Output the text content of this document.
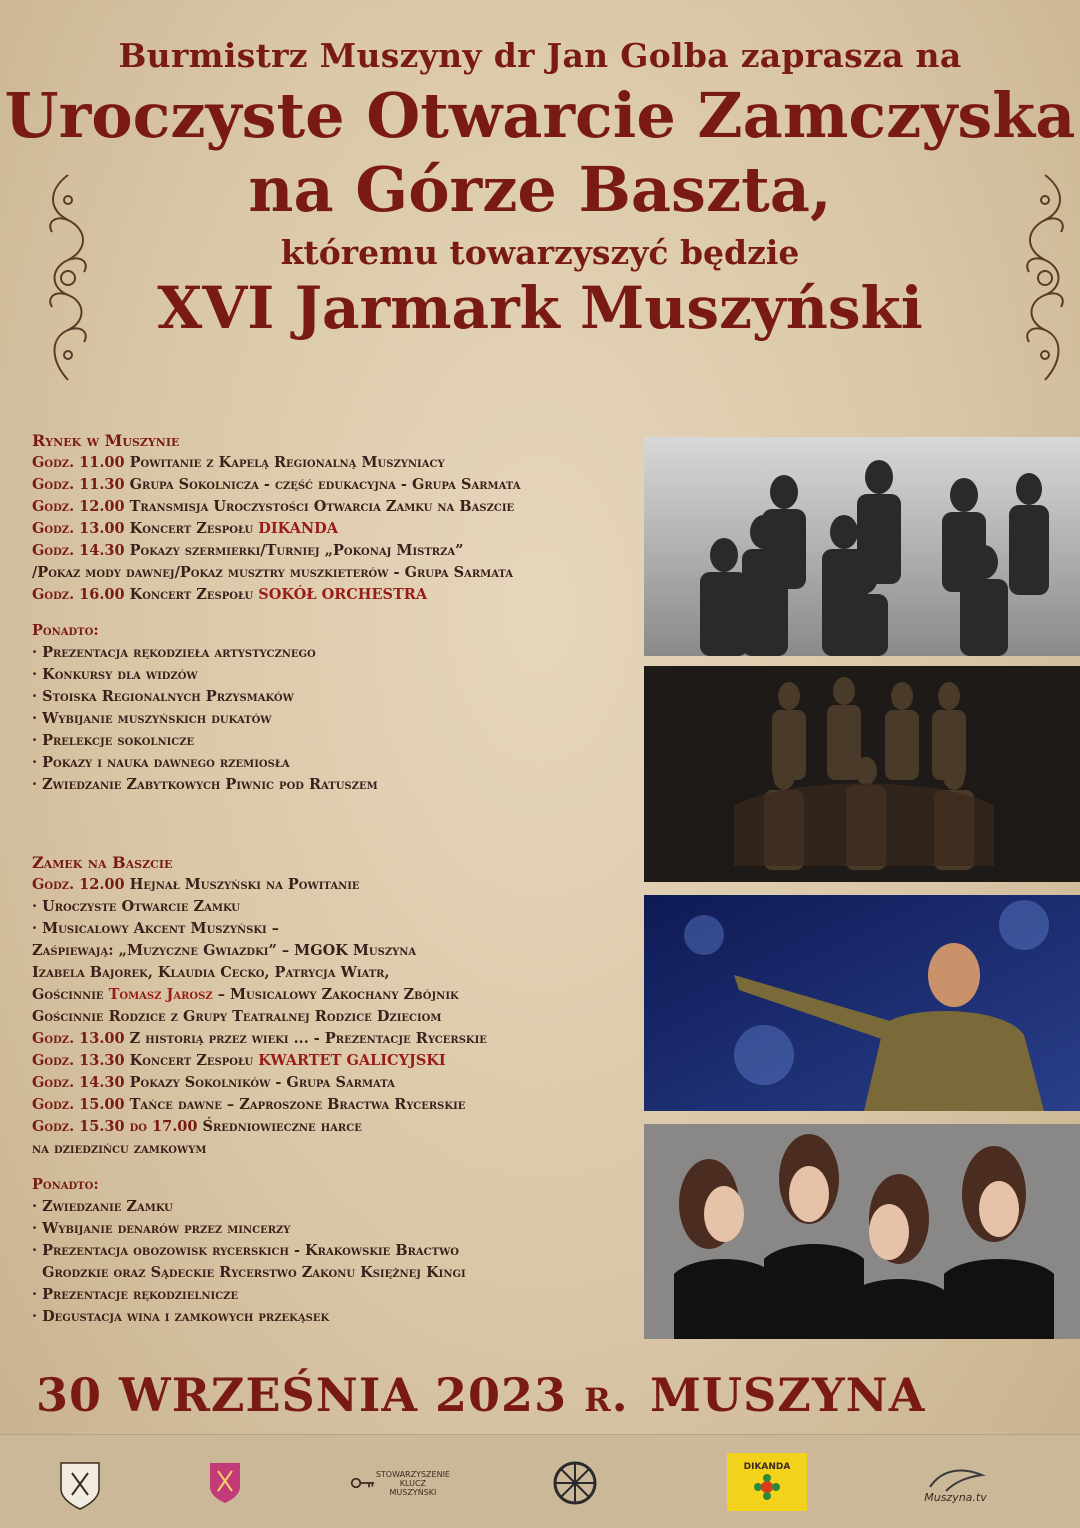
Burmistrz Muszyny dr Jan Golba zaprasza na
Uroczyste Otwarcie Zamczyska
na Górze Baszta,
któremu towarzyszyć będzie
XVI Jarmark Muszyński
Rynek w Muszynie
Godz. 11.00 Powitanie z Kapelą Regionalną Muszyniacy
Godz. 11.30 Grupa Sokolnicza - część edukacyjna - Grupa Sarmata
Godz. 12.00 Transmisja Uroczystości Otwarcia Zamku na Baszcie
Godz. 13.00 Koncert Zespołu DIKANDA
Godz. 14.30 Pokazy szermierki/Turniej „Pokonaj Mistrza”
/Pokaz mody dawnej/Pokaz musztry muszkieterów - Grupa Sarmata
Godz. 16.00 Koncert Zespołu SOKÓŁ ORCHESTRA
Ponadto:
· Prezentacja rękodzieła artystycznego
· Konkursy dla widzów
· Stoiska Regionalnych Przysmaków
· Wybijanie muszyńskich dukatów
· Prelekcje sokolnicze
· Pokazy i nauka dawnego rzemiosła
· Zwiedzanie Zabytkowych Piwnic pod Ratuszem
Zamek na Baszcie
Godz. 12.00 Hejnał Muszyński na Powitanie
· Uroczyste Otwarcie Zamku
· Musicalowy Akcent Muszyński –
Zaśpiewają: „Muzyczne Gwiazdki” – MGOK Muszyna
Izabela Bajorek, Klaudia Cecko, Patrycja Wiatr,
Gościnnie Tomasz Jarosz – Musicalowy Zakochany Zbójnik
Gościnnie Rodzice z Grupy Teatralnej Rodzice Dzieciom
Godz. 13.00 Z historią przez wieki ... - Prezentacje Rycerskie
Godz. 13.30 Koncert Zespołu KWARTET GALICYJSKI
Godz. 14.30 Pokazy Sokolników - Grupa Sarmata
Godz. 15.00 Tańce dawne – Zaproszone Bractwa Rycerskie
Godz. 15.30 do 17.00 Średniowieczne harce
na dziedzińcu zamkowym
Ponadto:
· Zwiedzanie Zamku
· Wybijanie denarów przez mincerzy
· Prezentacja obozowisk rycerskich - Krakowskie Bractwo
Grodzkie oraz Sądeckie Rycerstwo Zakonu Księżnej Kingi
· Prezentacje rękodzielnicze
· Degustacja wina i zamkowych przekąsek
30 WRZEŚNIA 2023 r. MUSZYNA
STOWARZYSZENIE
KLUCZ
MUSZYŃSKI
DIKANDA
Muszyna.tv
